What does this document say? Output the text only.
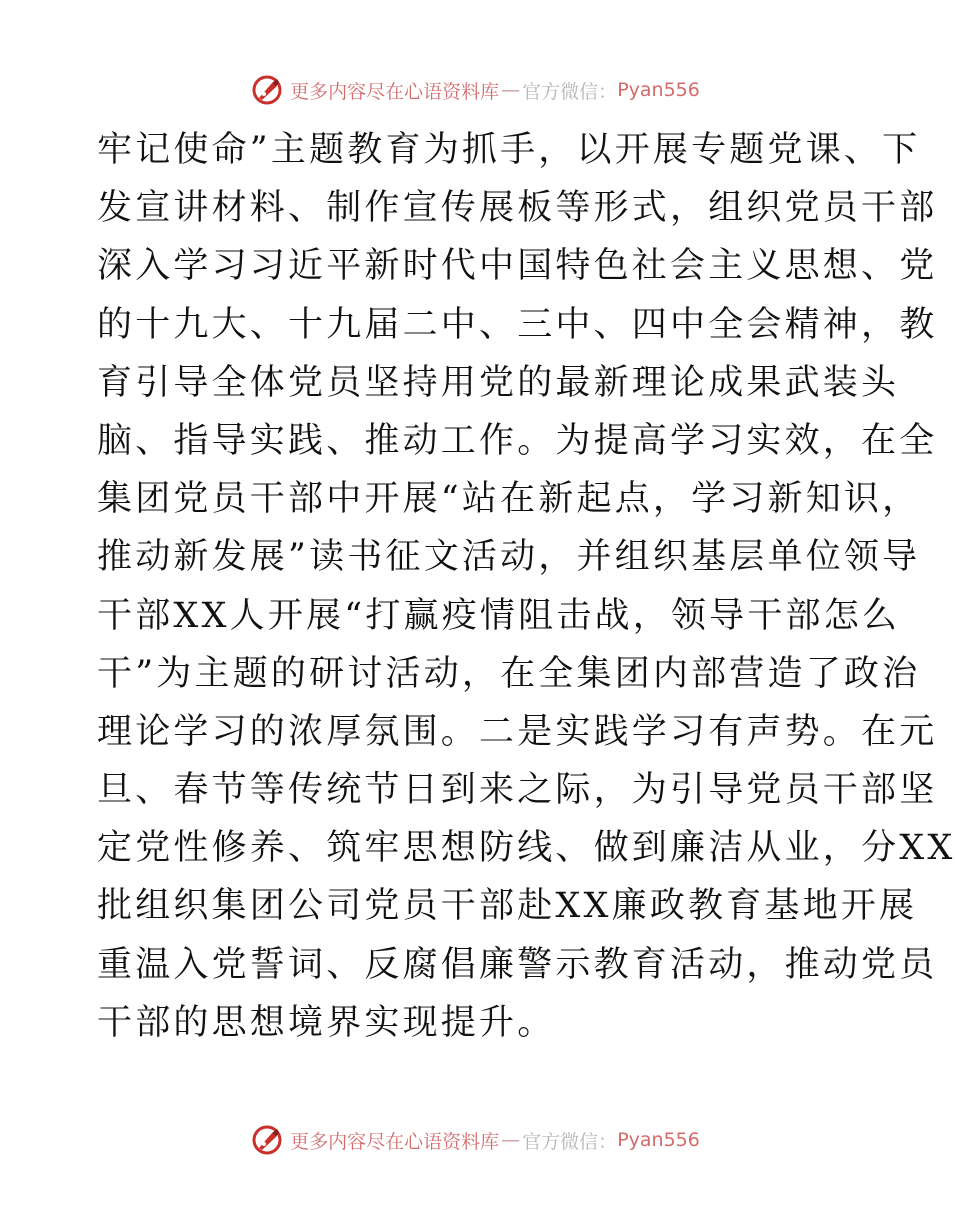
更多内容尽在心语资料库 — 官方微信： Pyan556
牢记使命”主题教育为抓手，以开展专题党课、下
发宣讲材料、制作宣传展板等形式，组织党员干部
深入学习习近平新时代中国特色社会主义思想、党
的十九大、十九届二中、三中、四中全会精神，教
育引导全体党员坚持用党的最新理论成果武装头
脑、指导实践、推动工作。为提高学习实效，在全
集团党员干部中开展“站在新起点，学习新知识，
推动新发展”读书征文活动，并组织基层单位领导
干部XX人开展“打赢疫情阻击战，领导干部怎么
干”为主题的研讨活动，在全集团内部营造了政治
理论学习的浓厚氛围。二是实践学习有声势。在元
旦、春节等传统节日到来之际，为引导党员干部坚
定党性修养、筑牢思想防线、做到廉洁从业，分XX
批组织集团公司党员干部赴XX廉政教育基地开展
重温入党誓词、反腐倡廉警示教育活动，推动党员
干部的思想境界实现提升。
更多内容尽在心语资料库 — 官方微信： Pyan556
